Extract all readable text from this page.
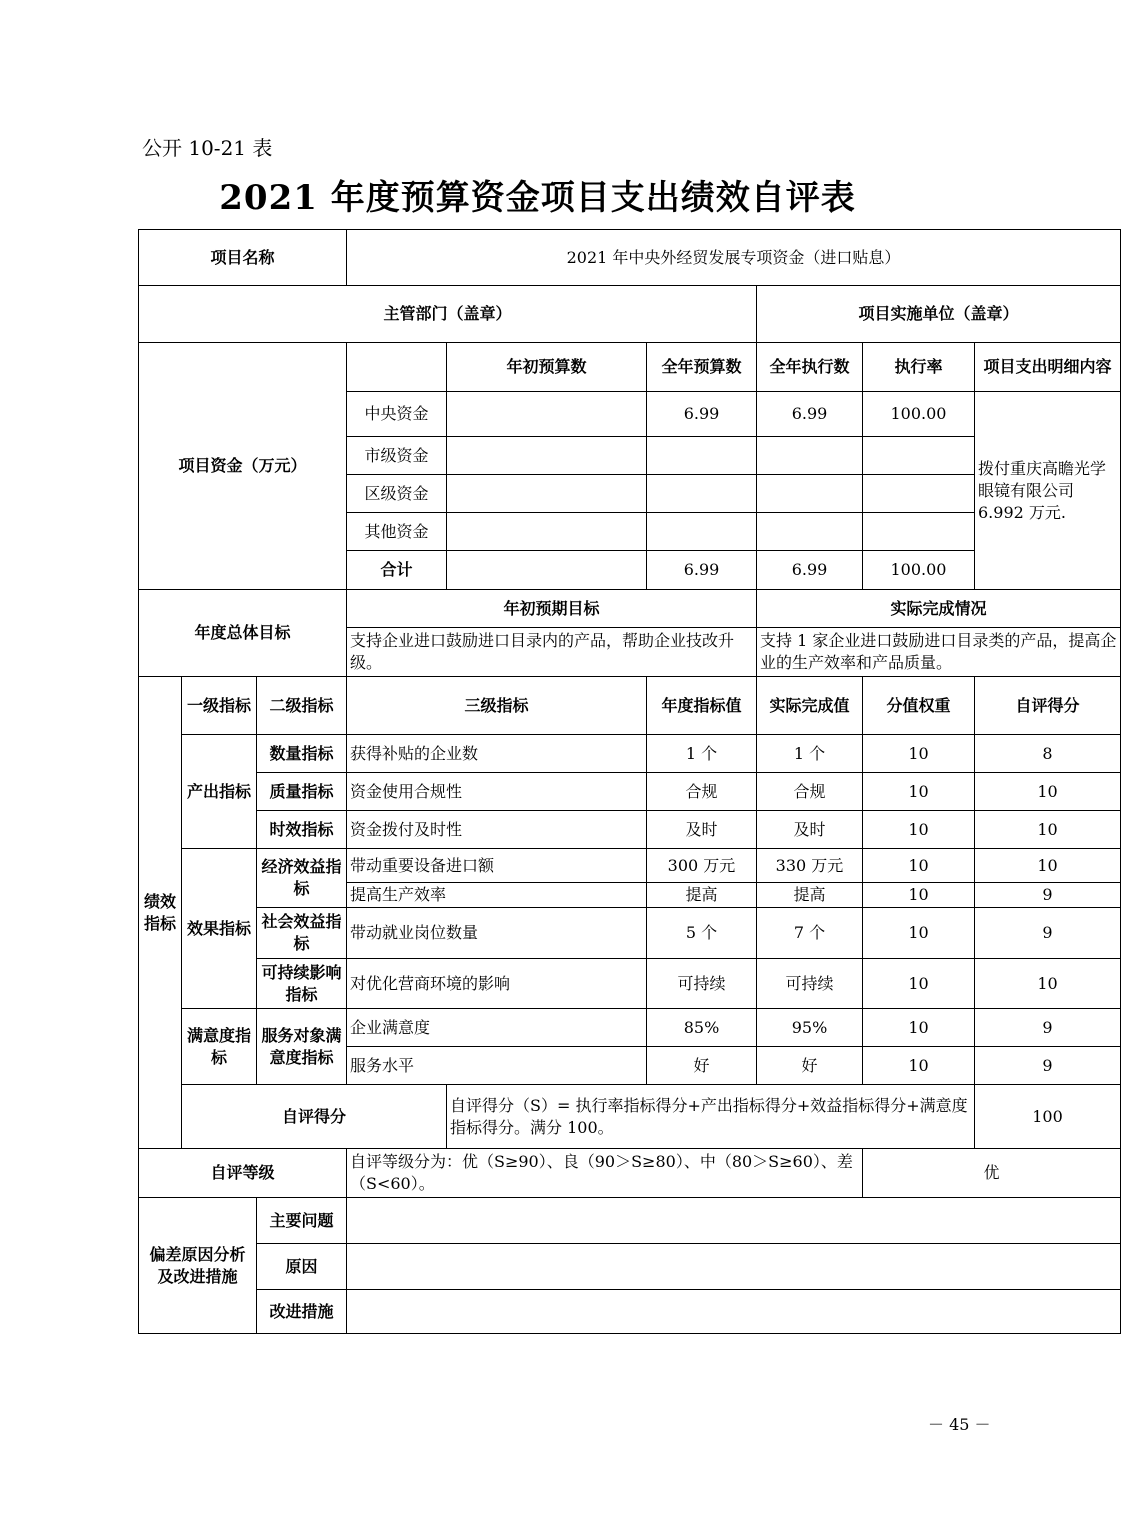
公开 10-21 表
2021 年度预算资金项目支出绩效自评表
项目名称			2021 年中央外经贸发展专项资金（进口贴息）						
主管部门（盖章）						项目实施单位（盖章）			
项目资金（万元）				年初预算数	全年预算数	全年执行数	执行率	项目支出明细内容	
			中央资金		6.99	6.99	100.00	拨付重庆高瞻光学眼镜有限公司 6.992 万元.	
			市级资金						
			区级资金						
			其他资金						
			合计		6.99	6.99	100.00		
年度总体目标			年初预期目标			实际完成情况			
			支持企业进口鼓励进口目录内的产品，帮助企业技改升级。			支持 1 家企业进口鼓励进口目录类的产品，提高企业的生产效率和产品质量。			
绩效指标	一级指标	二级指标	三级指标		年度指标值	实际完成值	分值权重	自评得分	
	产出指标	数量指标	获得补贴的企业数		1 个	1 个	10	8	
		质量指标	资金使用合规性		合规	合规	10	10	
		时效指标	资金拨付及时性		及时	及时	10	10	
	效果指标	经济效益指标	带动重要设备进口额		300 万元	330 万元	10	10	
			提高生产效率		提高	提高	10	9	
		社会效益指标	带动就业岗位数量		5 个	7 个	10	9	
		可持续影响指标	对优化营商环境的影响		可持续	可持续	10	10	
	满意度指标	服务对象满意度指标	企业满意度		85%	95%	10	9	
			服务水平		好	好	10	9	
	自评得分			自评得分（S）= 执行率指标得分+产出指标得分+效益指标得分+满意度指标得分。满分 100。				100	
自评等级			自评等级分为：优（S≥90）、良（90＞S≥80）、中（80＞S≥60）、差（S<60）。				优		
偏差原因分析及改进措施		主要问题							
		原因							
		改进措施							
－ 45 －
